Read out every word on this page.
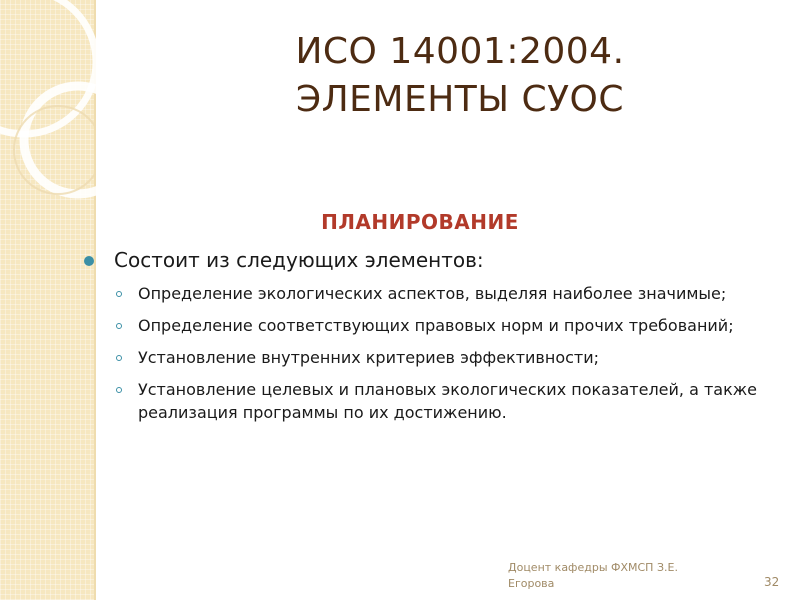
ИСО 14001:2004.
ЭЛЕМЕНТЫ СУОС
ПЛАНИРОВАНИЕ
Состоит из следующих элементов:
Определение экологических аспектов, выделяя наиболее значимые;
Определение соответствующих правовых норм и прочих требований;
Установление внутренних критериев эффективности;
Установление целевых и плановых экологических показателей, а также реализация программы по их достижению.
Доцент кафедры ФХМСП З.Е.
Егорова	32
